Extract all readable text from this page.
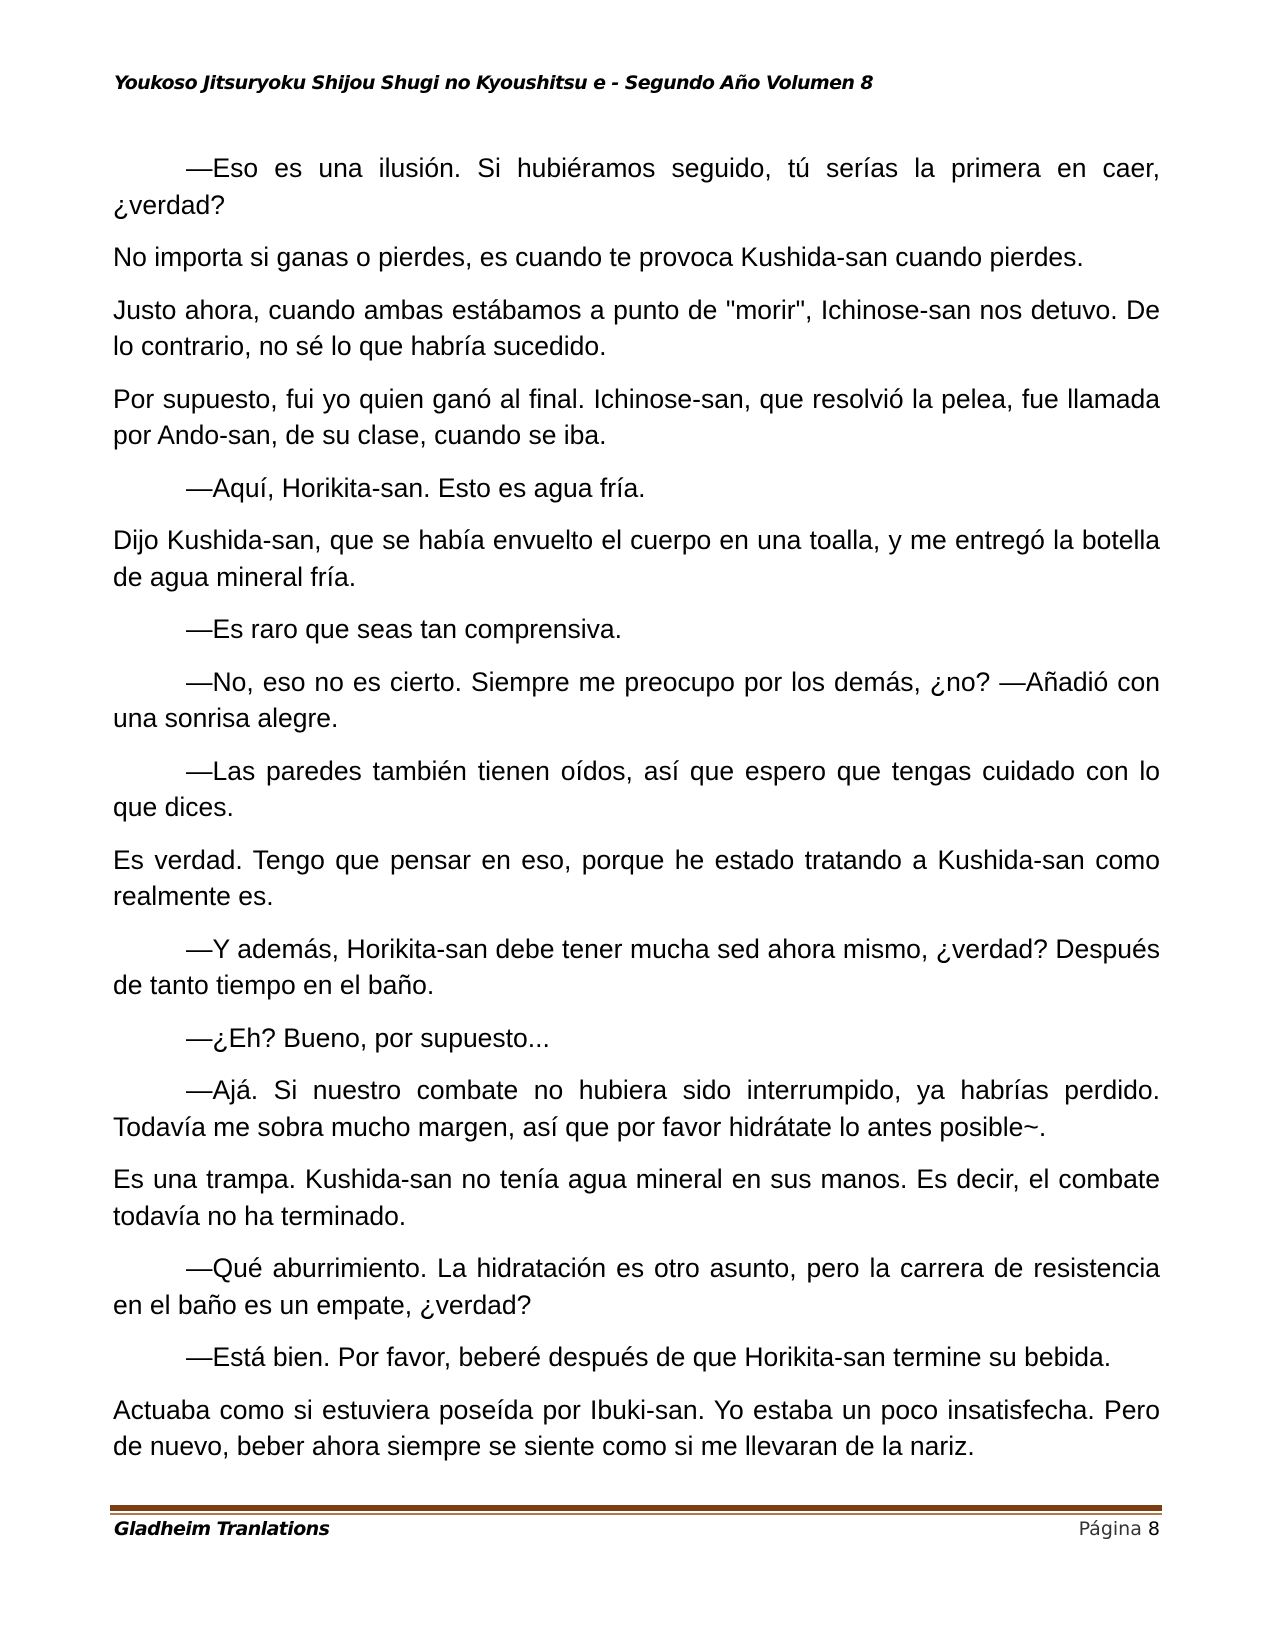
Youkoso Jitsuryoku Shijou Shugi no Kyoushitsu e - Segundo Año Volumen 8

—Eso es una ilusión. Si hubiéramos seguido, tú serías la primera en caer, ¿verdad?

No importa si ganas o pierdes, es cuando te provoca Kushida-san cuando pierdes.

Justo ahora, cuando ambas estábamos a punto de "morir", Ichinose-san nos detuvo. De lo contrario, no sé lo que habría sucedido.

Por supuesto, fui yo quien ganó al final. Ichinose-san, que resolvió la pelea, fue llamada por Ando-san, de su clase, cuando se iba.

—Aquí, Horikita-san. Esto es agua fría.

Dijo Kushida-san, que se había envuelto el cuerpo en una toalla, y me entregó la botella de agua mineral fría.

—Es raro que seas tan comprensiva.

—No, eso no es cierto. Siempre me preocupo por los demás, ¿no? —Añadió con una sonrisa alegre.

—Las paredes también tienen oídos, así que espero que tengas cuidado con lo que dices.

Es verdad. Tengo que pensar en eso, porque he estado tratando a Kushida-san como realmente es.

—Y además, Horikita-san debe tener mucha sed ahora mismo, ¿verdad? Después de tanto tiempo en el baño.

—¿Eh? Bueno, por supuesto...

—Ajá. Si nuestro combate no hubiera sido interrumpido, ya habrías perdido. Todavía me sobra mucho margen, así que por favor hidrátate lo antes posible~.

Es una trampa. Kushida-san no tenía agua mineral en sus manos. Es decir, el combate todavía no ha terminado.

—Qué aburrimiento. La hidratación es otro asunto, pero la carrera de resistencia en el baño es un empate, ¿verdad?

—Está bien. Por favor, beberé después de que Horikita-san termine su bebida.

Actuaba como si estuviera poseída por Ibuki-san. Yo estaba un poco insatisfecha. Pero de nuevo, beber ahora siempre se siente como si me llevaran de la nariz.

Gladheim Tranlations	Página 8
